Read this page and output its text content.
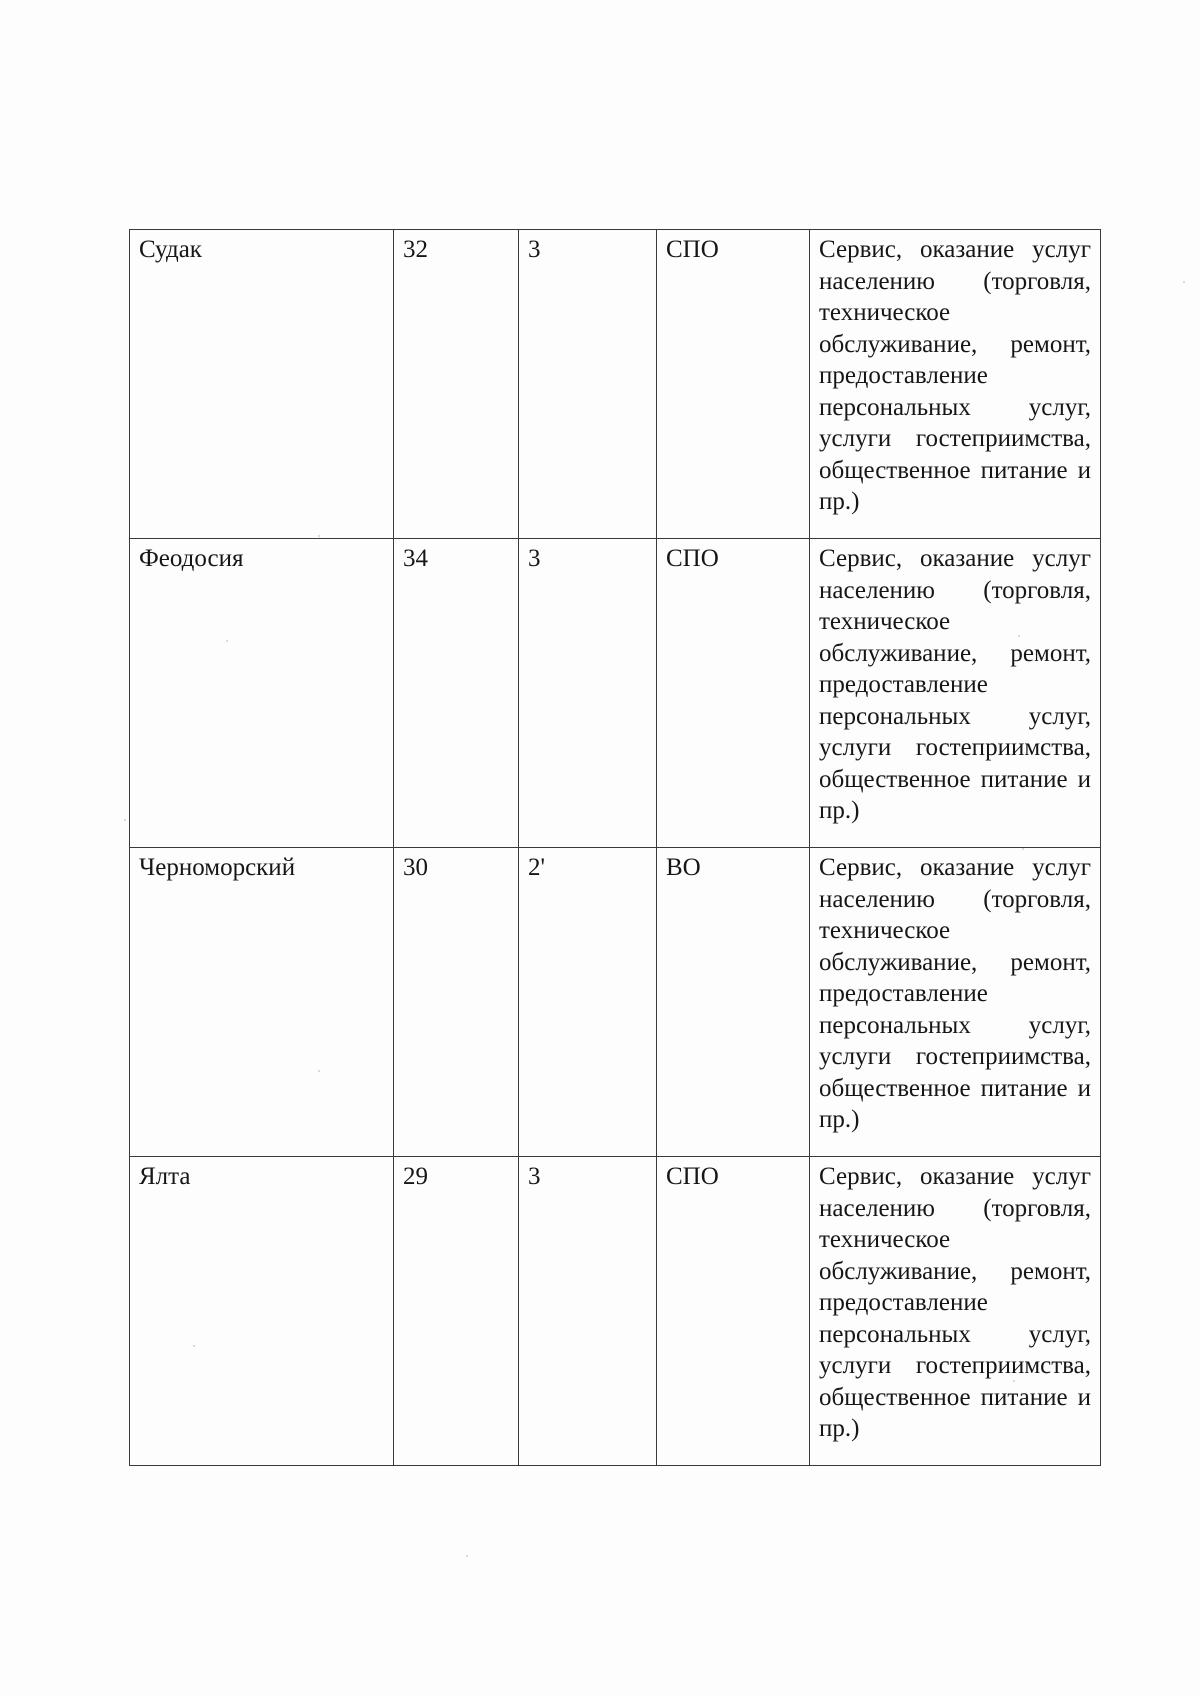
Судак	32	3	СПО	Сервис, оказание услуг населению (торговля, техническое обслуживание, ремонт, предоставление персональных услуг, услуги гостеприимства, общественное питание и пр.)

Феодосия	34	3	СПО	Сервис, оказание услуг населению (торговля, техническое обслуживание, ремонт, предоставление персональных услуг, услуги гостеприимства, общественное питание и пр.)

Черноморский	30	2'	ВО	Сервис, оказание услуг населению (торговля, техническое обслуживание, ремонт, предоставление персональных услуг, услуги гостеприимства, общественное питание и пр.)

Ялта	29	3	СПО	Сервис, оказание услуг населению (торговля, техническое обслуживание, ремонт, предоставление персональных услуг, услуги гостеприимства, общественное питание и пр.)
